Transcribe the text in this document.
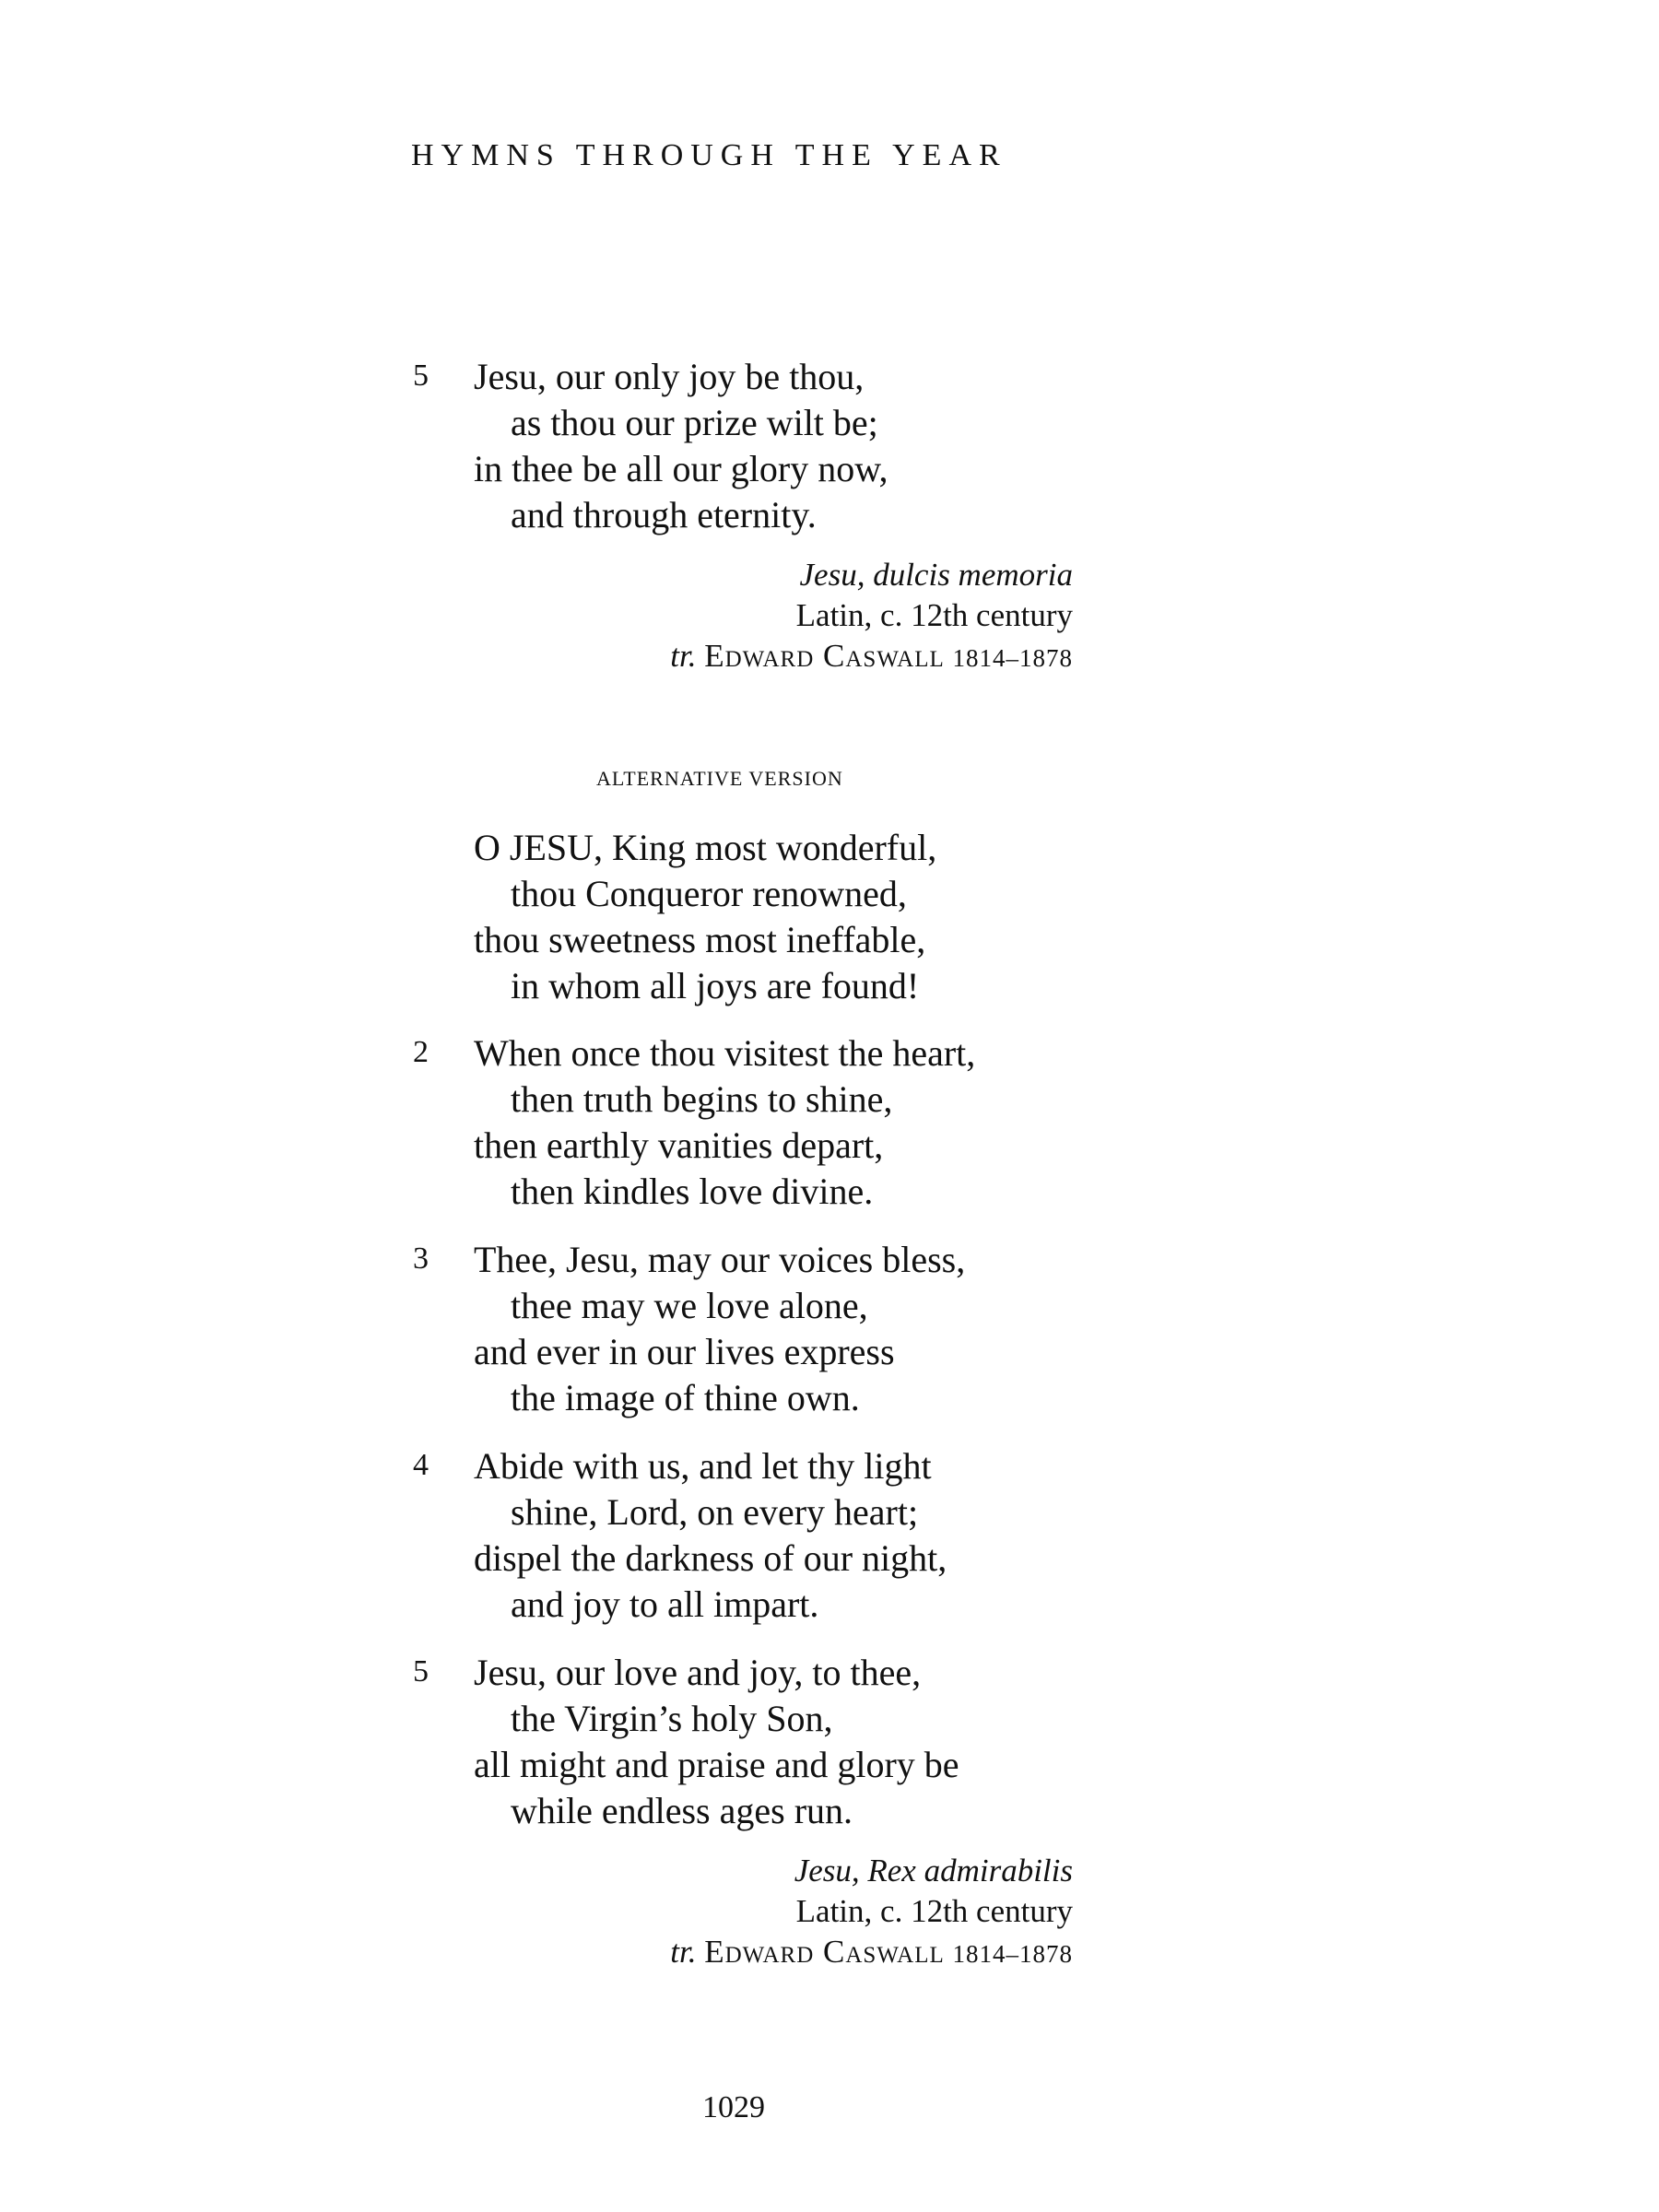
HYMNS THROUGH THE YEAR
5 Jesu, our only joy be thou,
as thou our prize wilt be;
in thee be all our glory now,
and through eternity.
Jesu, dulcis memoria
Latin, c. 12th century
tr. Edward Caswall 1814–1878
ALTERNATIVE VERSION
O JESU, King most wonderful,
thou Conqueror renowned,
thou sweetness most ineffable,
in whom all joys are found!
2 When once thou visitest the heart,
then truth begins to shine,
then earthly vanities depart,
then kindles love divine.
3 Thee, Jesu, may our voices bless,
thee may we love alone,
and ever in our lives express
the image of thine own.
4 Abide with us, and let thy light
shine, Lord, on every heart;
dispel the darkness of our night,
and joy to all impart.
5 Jesu, our love and joy, to thee,
the Virgin’s holy Son,
all might and praise and glory be
while endless ages run.
Jesu, Rex admirabilis
Latin, c. 12th century
tr. Edward Caswall 1814–1878
1029
